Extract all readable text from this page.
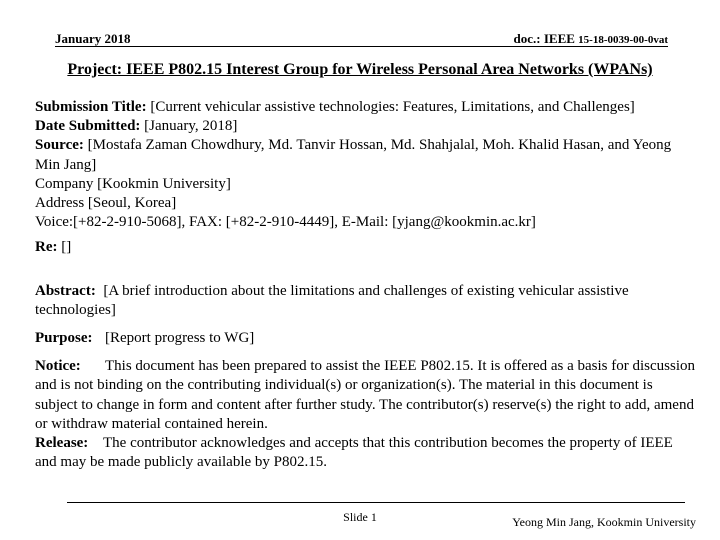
January 2018	doc.: IEEE 15-18-0039-00-0vat
Project: IEEE P802.15 Interest Group for Wireless Personal Area Networks (WPANs)

Submission Title: [Current vehicular assistive technologies: Features, Limitations, and Challenges]

Date Submitted: [January, 2018]

Source: [Mostafa Zaman Chowdhury, Md. Tanvir Hossan, Md. Shahjalal, Moh. Khalid Hasan, and Yeong Min Jang]

Company [Kookmin University]

Address [Seoul, Korea]

Voice:[+82-2-910-5068], FAX: [+82-2-910-4449], E-Mail: [yjang@kookmin.ac.kr]

Re: []

Abstract: [A brief introduction about the limitations and challenges of existing vehicular assistive technologies]

Purpose: [Report progress to WG]

Notice: This document has been prepared to assist the IEEE P802.15. It is offered as a basis for discussion and is not binding on the contributing individual(s) or organization(s). The material in this document is subject to change in form and content after further study. The contributor(s) reserve(s) the right to add, amend or withdraw material contained herein.

Release: The contributor acknowledges and accepts that this contribution becomes the property of IEEE and may be made publicly available by P802.15.

Slide 1	Yeong Min Jang, Kookmin University
